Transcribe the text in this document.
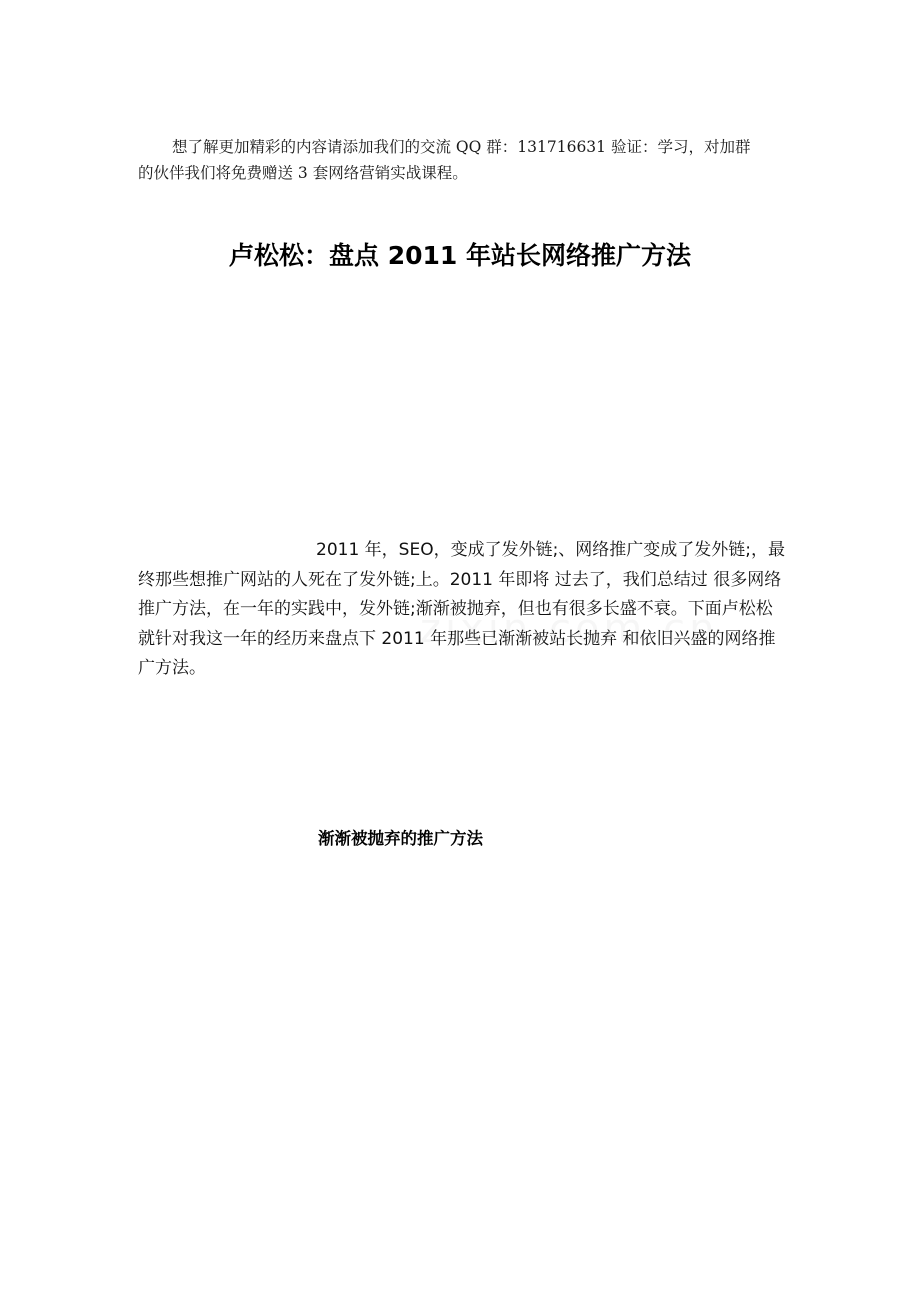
想了解更加精彩的内容请添加我们的交流 QQ 群：131716631 验证：学习，对加群的伙伴我们将免费赠送 3 套网络营销实战课程。

卢松松：盘点 2011 年站长网络推广方法

2011 年，SEO，变成了发外链;、网络推广变成了发外链;，最终那些想推广网站的人死在了发外链;上。2011 年即将 过去了，我们总结过 很多网络推广方法，在一年的实践中，发外链;渐渐被抛弃，但也有很多长盛不衰。下面卢松松就针对我这一年的经历来盘点下 2011 年那些已渐渐被站长抛弃 和依旧兴盛的网络推广方法。

渐渐被抛弃的推广方法
